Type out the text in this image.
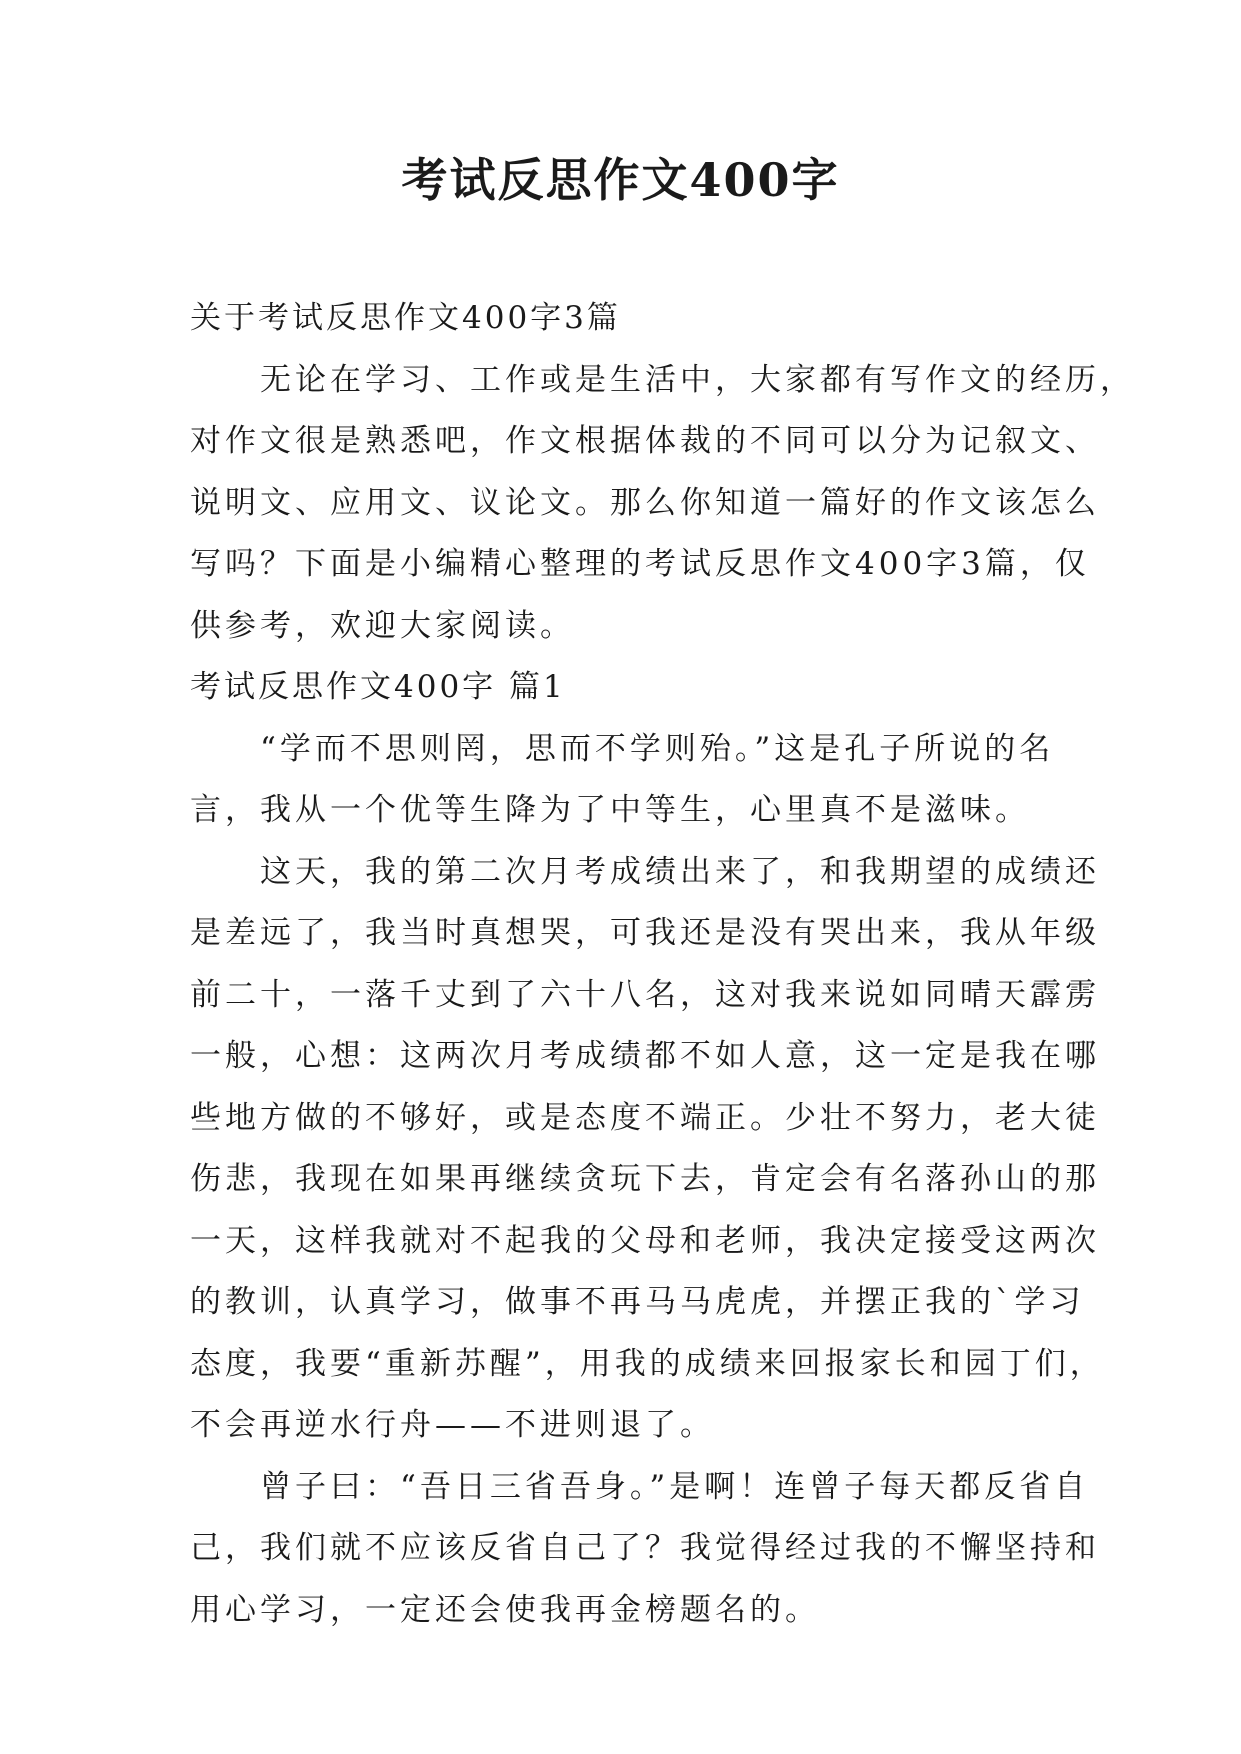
考试反思作文400字
关于考试反思作文400字3篇
无论在学习、工作或是生活中，大家都有写作文的经历，
对作文很是熟悉吧，作文根据体裁的不同可以分为记叙文、
说明文、应用文、议论文。那么你知道一篇好的作文该怎么
写吗？下面是小编精心整理的考试反思作文400字3篇，仅
供参考，欢迎大家阅读。
考试反思作文400字 篇1
“学而不思则罔，思而不学则殆。”这是孔子所说的名
言，我从一个优等生降为了中等生，心里真不是滋味。
这天，我的第二次月考成绩出来了，和我期望的成绩还
是差远了，我当时真想哭，可我还是没有哭出来，我从年级
前二十，一落千丈到了六十八名，这对我来说如同晴天霹雳
一般，心想：这两次月考成绩都不如人意，这一定是我在哪
些地方做的不够好，或是态度不端正。少壮不努力，老大徒
伤悲，我现在如果再继续贪玩下去，肯定会有名落孙山的那
一天，这样我就对不起我的父母和老师，我决定接受这两次
的教训，认真学习，做事不再马马虎虎，并摆正我的`学习
态度，我要“重新苏醒”，用我的成绩来回报家长和园丁们，
不会再逆水行舟——不进则退了。
曾子曰：“吾日三省吾身。”是啊！连曾子每天都反省自
己，我们就不应该反省自己了？我觉得经过我的不懈坚持和
用心学习，一定还会使我再金榜题名的。
